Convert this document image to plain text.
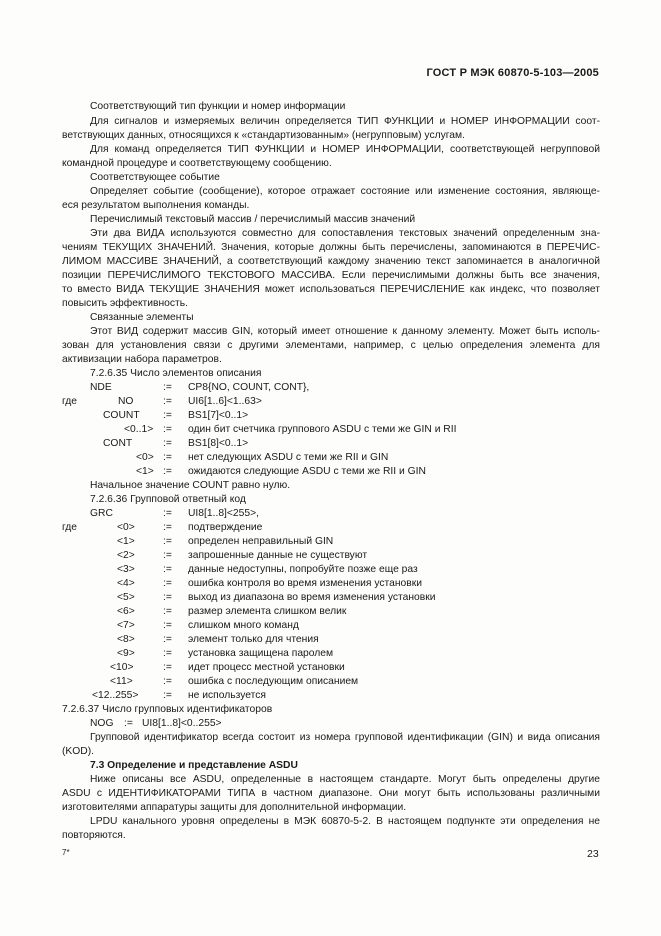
ГОСТ Р МЭК 60870-5-103—2005
Соответствующий тип функции и номер информации
Для сигналов и измеряемых величин определяется ТИП ФУНКЦИИ и НОМЕР ИНФОРМАЦИИ соот-
ветствующих данных, относящихся к «стандартизованным» (негрупповым) услугам.
Для команд определяется ТИП ФУНКЦИИ и НОМЕР ИНФОРМАЦИИ, соответствующей негрупповой
командной процедуре и соответствующему сообщению.
Соответствующее событие
Определяет событие (сообщение), которое отражает состояние или изменение состояния, являюще-
еся результатом выполнения команды.
Перечислимый текстовый массив / перечислимый массив значений
Эти два ВИДА используются совместно для сопоставления текстовых значений определенным зна-
чениям ТЕКУЩИХ ЗНАЧЕНИЙ. Значения, которые должны быть перечислены, запоминаются в ПЕРЕЧИС-
ЛИМОМ МАССИВЕ ЗНАЧЕНИЙ, а соответствующий каждому значению текст запоминается в аналогичной
позиции ПЕРЕЧИСЛИМОГО ТЕКСТОВОГО МАССИВА. Если перечислимыми должны быть все значения,
то вместо ВИДА ТЕКУЩИЕ ЗНАЧЕНИЯ может использоваться ПЕРЕЧИСЛЕНИЕ как индекс, что позволяет
повысить эффективность.
Связанные элементы
Этот ВИД содержит массив GIN, который имеет отношение к данному элементу. Может быть исполь-
зован для установления связи с другими элементами, например, с целью определения элемента для
активизации набора параметров.
7.2.6.35 Число элементов описания
NDE	:= CP8{NO, COUNT, CONT},
где	NO	:= UI6[1..6]<1..63>
COUNT := BS1[7]<0..1>
<0..1> := один бит счетчика группового ASDU с теми же GIN и RII
CONT	:= BS1[8]<0..1>
<0> := нет следующих ASDU с теми же RII и GIN
<1> := ожидаются следующие ASDU с теми же RII и GIN
Начальное значение COUNT равно нулю.
7.2.6.36 Групповой ответный код
GRC	:= UI8[1..8]<255>,
где	<0>	:= подтверждение
<1>	:= определен неправильный GIN
<2>	:= запрошенные данные не существуют
<3>	:= данные недоступны, попробуйте позже еще раз
<4>	:= ошибка контроля во время изменения установки
<5>	:= выход из диапазона во время изменения установки
<6>	:= размер элемента слишком велик
<7>	:= слишком много команд
<8>	:= элемент только для чтения
<9>	:= установка защищена паролем
<10>	:= идет процесс местной установки
<11>	:= ошибка с последующим описанием
<12..255> := не используется
7.2.6.37 Число групповых идентификаторов
NOG := UI8[1..8]<0..255>
Групповой идентификатор всегда состоит из номера групповой идентификации (GIN) и вида описания
(KOD).
7.3 Определение и представление ASDU
Ниже описаны все ASDU, определенные в настоящем стандарте. Могут быть определены другие
ASDU с ИДЕНТИФИКАТОРАМИ ТИПА в частном диапазоне. Они могут быть использованы различными
изготовителями аппаратуры защиты для дополнительной информации.
LPDU канального уровня определены в МЭК 60870-5-2. В настоящем подпункте эти определения не
повторяются.
7*	23
